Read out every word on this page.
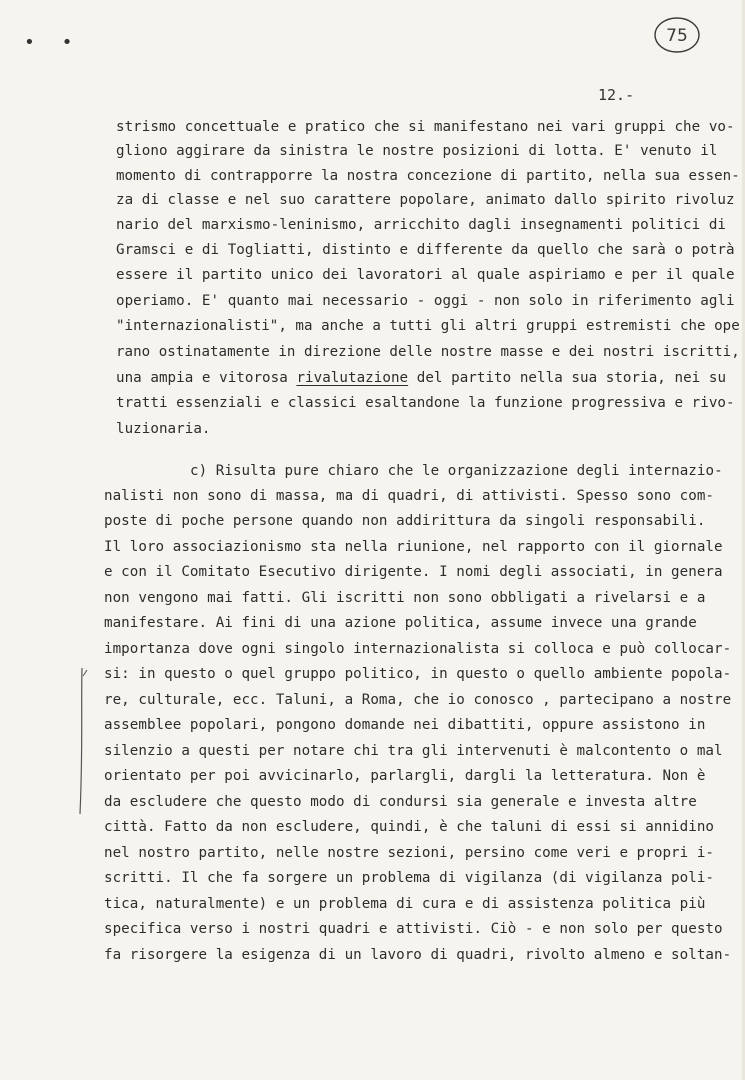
• •	75
12.-
strismo concettuale e pratico che si manifestano nei vari gruppi che vo-
gliono aggirare da sinistra le nostre posizioni di lotta. E' venuto il
momento di contrapporre la nostra concezione di partito, nella sua essen-
za di classe e nel suo carattere popolare, animato dallo spirito rivoluz
nario del marxismo-leninismo, arricchito dagli insegnamenti politici di
Gramsci e di Togliatti, distinto e differente da quello che sarà o potrà
essere il partito unico dei lavoratori al quale aspiriamo e per il quale
operiamo. E' quanto mai necessario - oggi - non solo in riferimento agli
"internazionalisti", ma anche a tutti gli altri gruppi estremisti che ope
rano ostinatamente in direzione delle nostre masse e dei nostri iscritti,
una ampia e vitorosa rivalutazione del partito nella sua storia, nei su
tratti essenziali e classici esaltandone la funzione progressiva e rivo-
luzionaria.
c) Risulta pure chiaro che le organizzazione degli internazio-
nalisti non sono di massa, ma di quadri, di attivisti. Spesso sono com-
poste di poche persone quando non addirittura da singoli responsabili.
Il loro associazionismo sta nella riunione, nel rapporto con il giornale
e con il Comitato Esecutivo dirigente. I nomi degli associati, in genera
non vengono mai fatti. Gli iscritti non sono obbligati a rivelarsi e a
manifestare. Ai fini di una azione politica, assume invece una grande
importanza dove ogni singolo internazionalista si colloca e può collocar-
si: in questo o quel gruppo politico, in questo o quello ambiente popola-
re, culturale, ecc. Taluni, a Roma, che io conosco , partecipano a nostre
assemblee popolari, pongono domande nei dibattiti, oppure assistono in
silenzio a questi per notare chi tra gli intervenuti è malcontento o mal
orientato per poi avvicinarlo, parlargli, dargli la letteratura. Non è
da escludere che questo modo di condursi sia generale e investa altre
città. Fatto da non escludere, quindi, è che taluni di essi si annidino
nel nostro partito, nelle nostre sezioni, persino come veri e propri i-
scritti. Il che fa sorgere un problema di vigilanza (di vigilanza poli-
tica, naturalmente) e un problema di cura e di assistenza politica più
specifica verso i nostri quadri e attivisti. Ciò - e non solo per questo
fa risorgere la esigenza di un lavoro di quadri, rivolto almeno e soltan-
